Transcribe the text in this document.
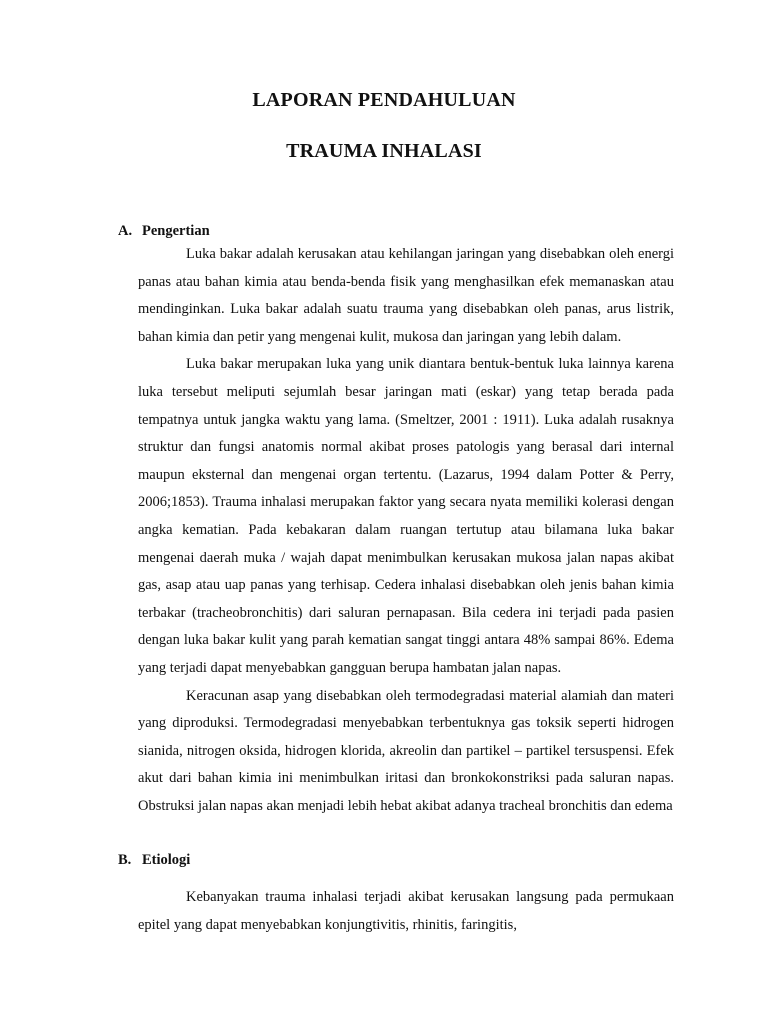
LAPORAN PENDAHULUAN
TRAUMA INHALASI
A. Pengertian

Luka bakar adalah kerusakan atau kehilangan jaringan yang disebabkan oleh energi panas atau bahan kimia atau benda-benda fisik yang menghasilkan efek memanaskan atau mendinginkan. Luka bakar adalah suatu trauma yang disebabkan oleh panas, arus listrik, bahan kimia dan petir yang mengenai kulit, mukosa dan jaringan yang lebih dalam.

Luka bakar merupakan luka yang unik diantara bentuk-bentuk luka lainnya karena luka tersebut meliputi sejumlah besar jaringan mati (eskar) yang tetap berada pada tempatnya untuk jangka waktu yang lama. (Smeltzer, 2001 : 1911). Luka adalah rusaknya struktur dan fungsi anatomis normal akibat proses patologis yang berasal dari internal maupun eksternal dan mengenai organ tertentu. (Lazarus, 1994 dalam Potter & Perry, 2006;1853). Trauma inhalasi merupakan faktor yang secara nyata memiliki kolerasi dengan angka kematian. Pada kebakaran dalam ruangan tertutup atau bilamana luka bakar mengenai daerah muka / wajah dapat menimbulkan kerusakan mukosa jalan napas akibat gas, asap atau uap panas yang terhisap. Cedera inhalasi disebabkan oleh jenis bahan kimia terbakar (tracheobronchitis) dari saluran pernapasan. Bila cedera ini terjadi pada pasien dengan luka bakar kulit yang parah kematian sangat tinggi antara 48% sampai 86%. Edema yang terjadi dapat menyebabkan gangguan berupa hambatan jalan napas.

Keracunan asap yang disebabkan oleh termodegradasi material alamiah dan materi yang diproduksi. Termodegradasi menyebabkan terbentuknya gas toksik seperti hidrogen sianida, nitrogen oksida, hidrogen klorida, akreolin dan partikel – partikel tersuspensi. Efek akut dari bahan kimia ini menimbulkan iritasi dan bronkokonstriksi pada saluran napas. Obstruksi jalan napas akan menjadi lebih hebat akibat adanya tracheal bronchitis dan edema

B. Etiologi

Kebanyakan trauma inhalasi terjadi akibat kerusakan langsung pada permukaan epitel yang dapat menyebabkan konjungtivitis, rhinitis, faringitis,
